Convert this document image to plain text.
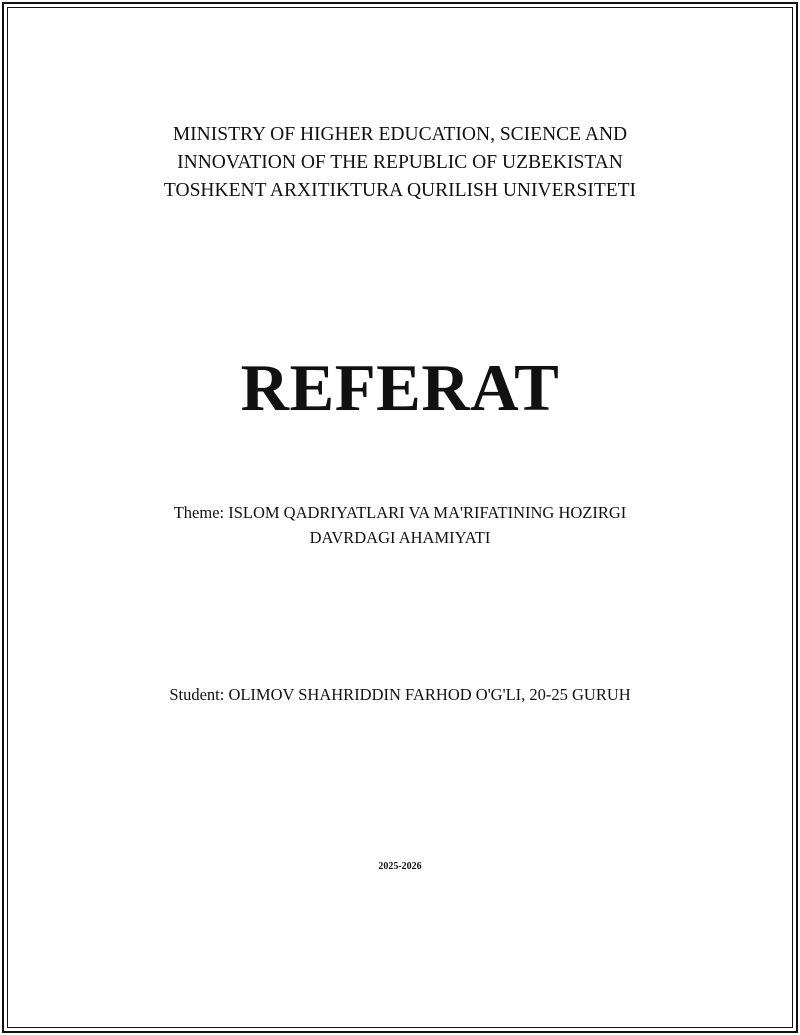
MINISTRY OF HIGHER EDUCATION, SCIENCE AND
INNOVATION OF THE REPUBLIC OF UZBEKISTAN
TOSHKENT ARXITIKTURA QURILISH UNIVERSITETI
REFERAT
Theme: ISLOM QADRIYATLARI VA MA'RIFATINING HOZIRGI
DAVRDAGI AHAMIYATI
Student: OLIMOV SHAHRIDDIN FARHOD O'G'LI, 20-25 GURUH
2025-2026
